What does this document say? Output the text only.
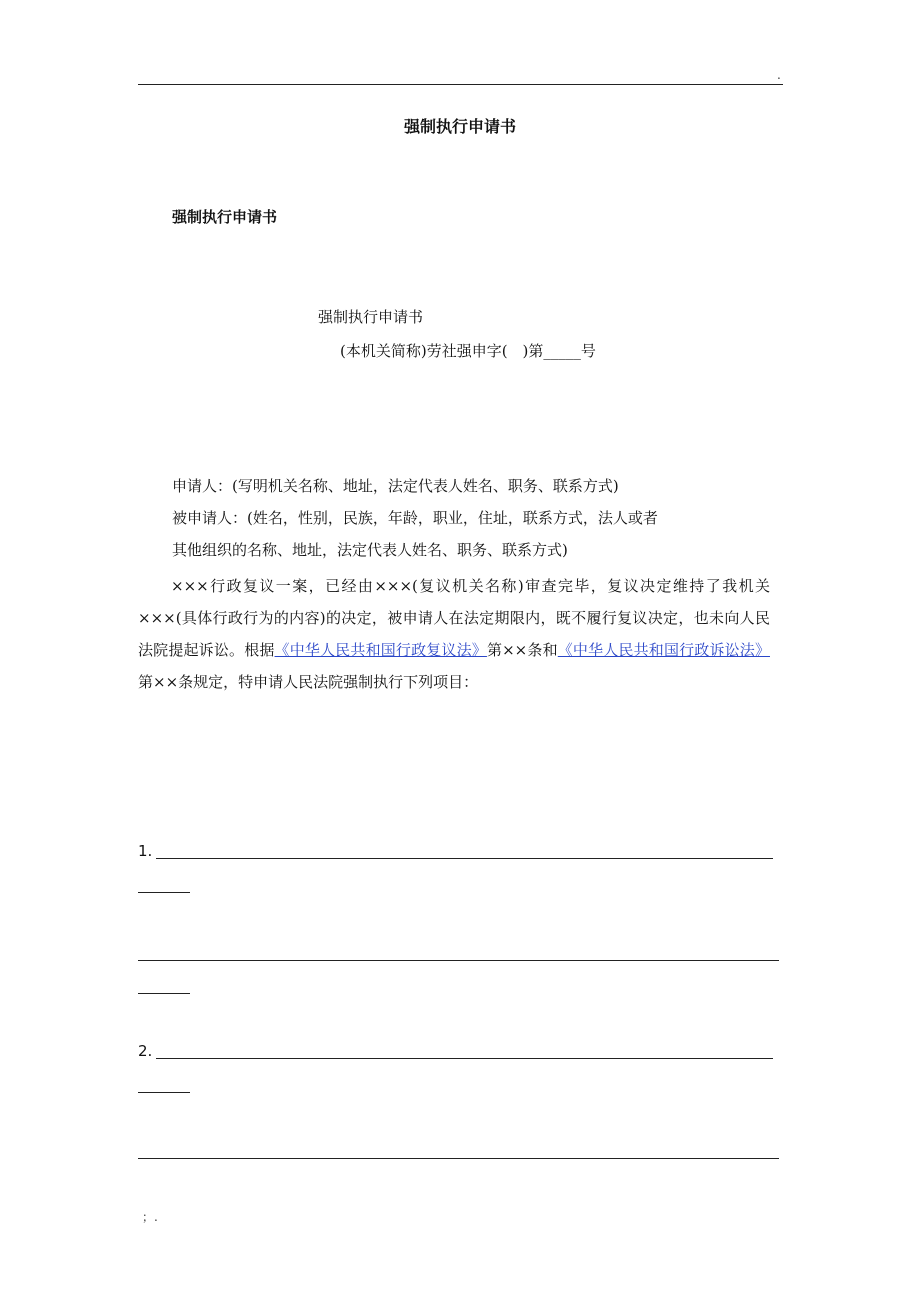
.
强制执行申请书
强制执行申请书
强制执行申请书
(本机关简称)劳社强申字(　)第_____号
申请人：(写明机关名称、地址，法定代表人姓名、职务、联系方式)
被申请人：(姓名，性别，民族，年龄，职业，住址，联系方式，法人或者
其他组织的名称、地址，法定代表人姓名、职务、联系方式)
×××行政复议一案，已经由×××(复议机关名称)审查完毕，复议决定维持了我机关×××(具体行政行为的内容)的决定，被申请人在法定期限内，既不履行复议决定，也未向人民法院提起诉讼。根据《中华人民共和国行政复议法》第××条和《中华人民共和国行政诉讼法》第××条规定，特申请人民法院强制执行下列项目：
1.
2.
；.
